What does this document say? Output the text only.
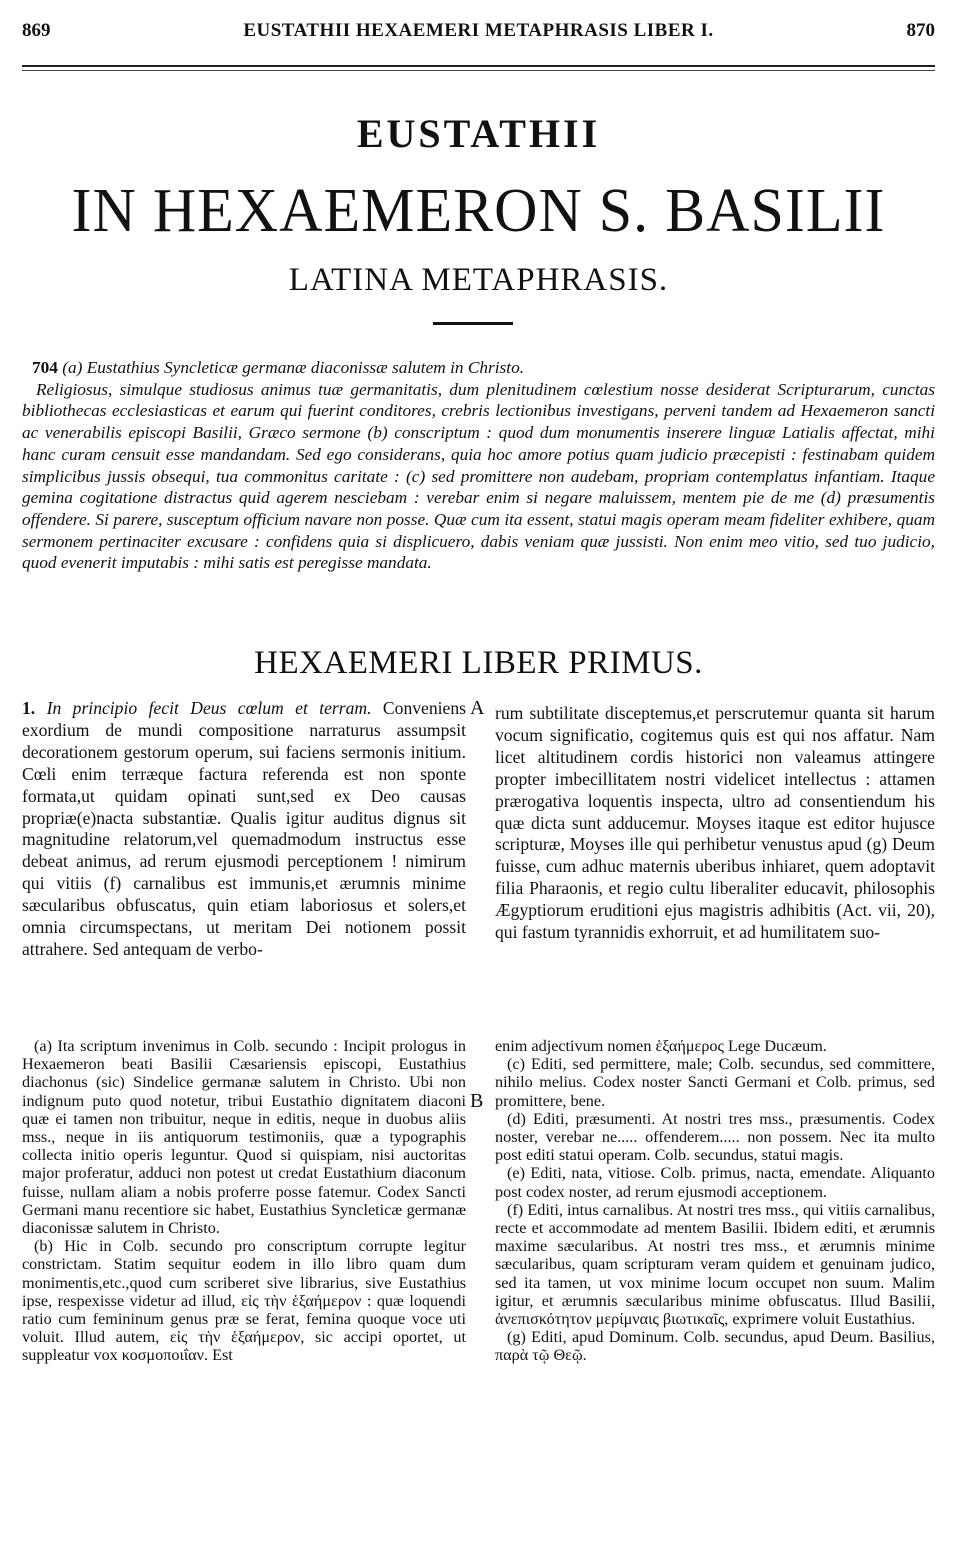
869	EUSTATHII HEXAEMERI METAPHRASIS LIBER I.	870
EUSTATHII
IN HEXAEMERON S. BASILII
LATINA METAPHRASIS.

704 (a) Eustathius Syncleticæ germanæ diaconissæ salutem in Christo.

Religiosus, simulque studiosus animus tuæ germanitatis, dum plenitudinem cœlestium nosse desiderat Scripturarum, cunctas bibliothecas ecclesiasticas et earum qui fuerint conditores, crebris lectionibus investigans, perveni tandem ad Hexaemeron sancti ac venerabilis episcopi Basilii, Græco sermone (b) conscriptum : quod dum monumentis inserere linguæ Latialis affectat, mihi hanc curam censuit esse mandandam. Sed ego considerans, quia hoc amore potius quam judicio præcepisti : festinabam quidem simplicibus jussis obsequi, tua commonitus caritate : (c) sed promittere non audebam, propriam contemplatus infantiam. Itaque gemina cogitatione distractus quid agerem nesciebam : verebar enim si negare maluissem, mentem pie de me (d) præsumentis offendere. Si parere, susceptum officium navare non posse. Quæ cum ita essent, statui magis operam meam fideliter exhibere, quam sermonem pertinaciter excusare : confidens quia si displicuero, dabis veniam quæ jussisti. Non enim meo vitio, sed tuo judicio, quod evenerit imputabis : mihi satis est peregisse mandata.

HEXAEMERI LIBER PRIMUS.
A
B

1. In principio fecit Deus cœlum et terram. Conveniens exordium de mundi compositione narraturus assumpsit decorationem gestorum operum, sui faciens sermonis initium. Cœli enim terræque factura referenda est non sponte formata,ut quidam opinati sunt,sed ex Deo causas propriæ(e)nacta substantiæ. Qualis igitur auditus dignus sit magnitudine relatorum,vel quemadmodum instructus esse debeat animus, ad rerum ejusmodi perceptionem ! nimirum qui vitiis (f) carnalibus est immunis,et ærumnis minime sæcularibus obfuscatus, quin etiam laboriosus et solers,et omnia circumspectans, ut meritam Dei notionem possit attrahere. Sed antequam de verbo-

rum subtilitate disceptemus,et perscrutemur quanta sit harum vocum significatio, cogitemus quis est qui nos affatur. Nam licet altitudinem cordis historici non valeamus attingere propter imbecillitatem nostri videlicet intellectus : attamen prærogativa loquentis inspecta, ultro ad consentiendum his quæ dicta sunt adducemur. Moyses itaque est editor hujusce scripturæ, Moyses ille qui perhibetur venustus apud (g) Deum fuisse, cum adhuc maternis uberibus inhiaret, quem adoptavit filia Pharaonis, et regio cultu liberaliter educavit, philosophis Ægyptiorum eruditioni ejus magistris adhibitis (Act. vii, 20), qui fastum tyrannidis exhorruit, et ad humilitatem suo-

(a) Ita scriptum invenimus in Colb. secundo : Incipit prologus in Hexaemeron beati Basilii Cæsariensis episcopi, Eustathius diachonus (sic) Sindelice germanæ salutem in Christo. Ubi non indignum puto quod notetur, tribui Eustathio dignitatem diaconi quæ ei tamen non tribuitur, neque in editis, neque in duobus aliis mss., neque in iis antiquorum testimoniis, quæ a typographis collecta initio operis leguntur. Quod si quispiam, nisi auctoritas major proferatur, adduci non potest ut credat Eustathium diaconum fuisse, nullam aliam a nobis proferre posse fatemur. Codex Sancti Germani manu recentiore sic habet, Eustathius Syncleticæ germanæ diaconissæ salutem in Christo.

(b) Hic in Colb. secundo pro conscriptum corrupte legitur constrictam. Statim sequitur eodem in illo libro quam dum monimentis,etc.,quod cum scriberet sive librarius, sive Eustathius ipse, respexisse videtur ad illud, εἰς τὴν ἑξαήμερον : quæ loquendi ratio cum femininum genus præ se ferat, femina quoque voce uti voluit. Illud autem, εἰς τὴν ἑξαήμερον, sic accipi oportet, ut suppleatur vox κοσμοποιΐαν. Est

enim adjectivum nomen ἑξαήμερος Lege Ducæum.

(c) Editi, sed permittere, male; Colb. secundus, sed committere, nihilo melius. Codex noster Sancti Germani et Colb. primus, sed promittere, bene.

(d) Editi, præsumenti. At nostri tres mss., præsumentis. Codex noster, verebar ne..... offenderem..... non possem. Nec ita multo post editi statui operam. Colb. secundus, statui magis.

(e) Editi, nata, vitiose. Colb. primus, nacta, emendate. Aliquanto post codex noster, ad rerum ejusmodi acceptionem.

(f) Editi, intus carnalibus. At nostri tres mss., qui vitiis carnalibus, recte et accommodate ad mentem Basilii. Ibidem editi, et ærumnis maxime sæcularibus. At nostri tres mss., et ærumnis minime sæcularibus, quam scripturam veram quidem et genuinam judico, sed ita tamen, ut vox minime locum occupet non suum. Malim igitur, et ærumnis sæcularibus minime obfuscatus. Illud Basilii, ἀνεπισκότητον μερίμναις βιωτικαῖς, exprimere voluit Eustathius.

(g) Editi, apud Dominum. Colb. secundus, apud Deum. Basilius, παρὰ τῷ Θεῷ.
